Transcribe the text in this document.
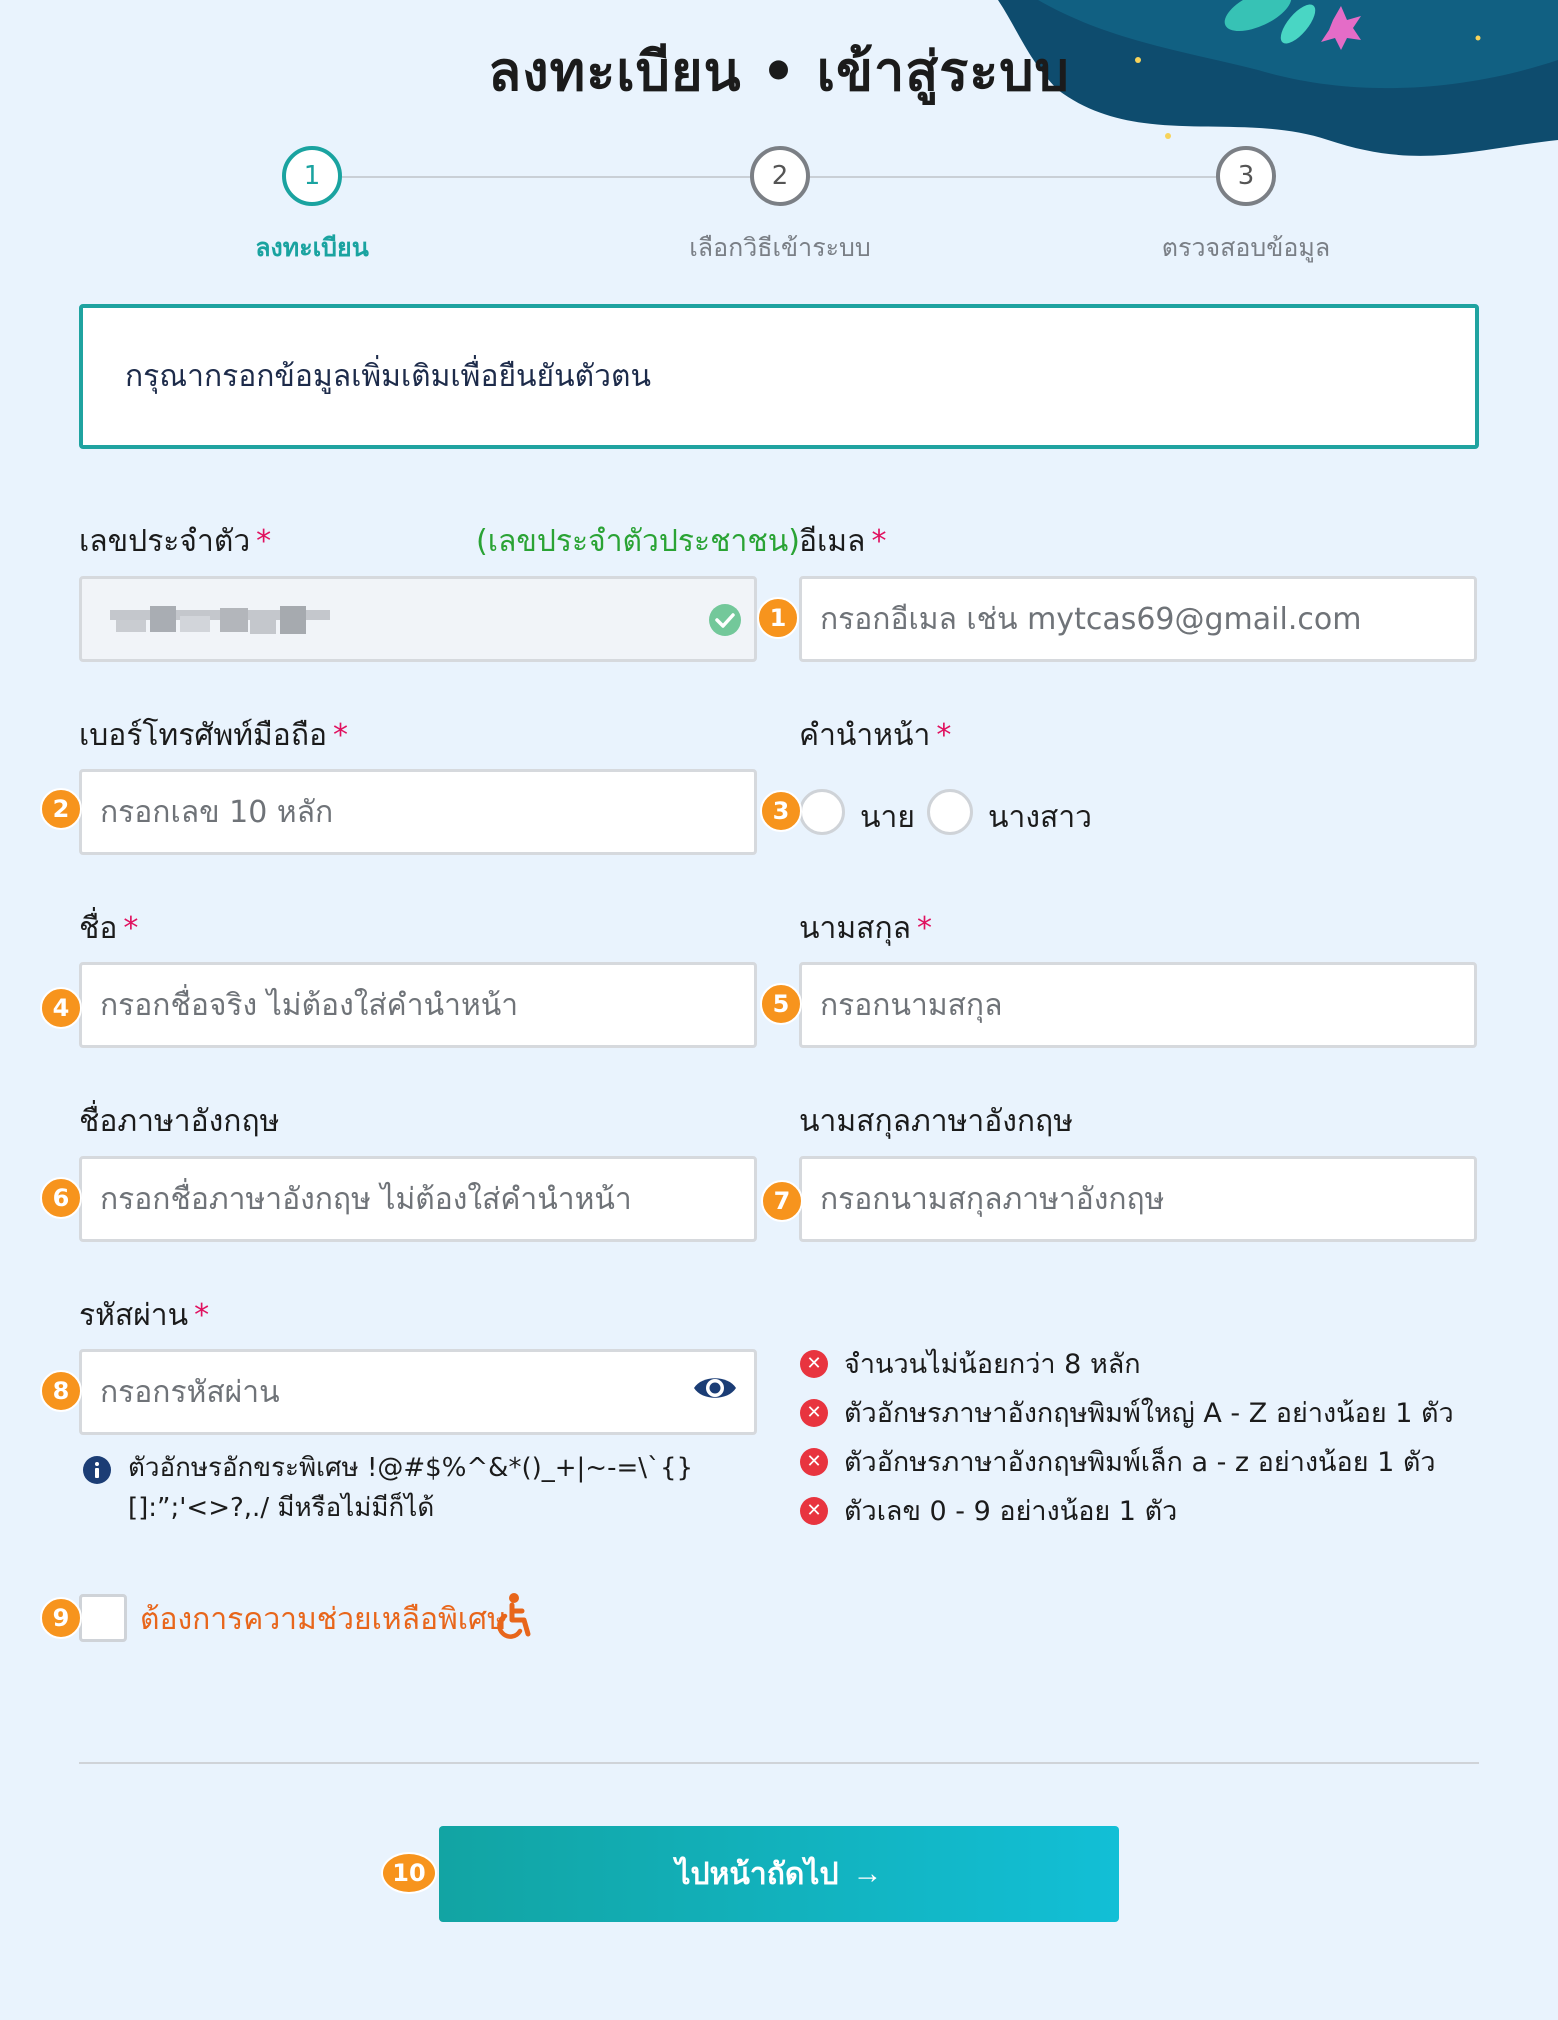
ลงทะเบียน • เข้าสู่ระบบ
1	2	3
ลงทะเบียน	เลือกวิธีเข้าระบบ	ตรวจสอบข้อมูล
กรุณากรอกข้อมูลเพิ่มเติมเพื่อยืนยันตัวตน
เลขประจำตัว *	(เลขประจำตัวประชาชน) อีเมล *
1	กรอกอีเมล เช่น mytcas69@gmail.com
เบอร์โทรศัพท์มือถือ *
2	กรอกเลข 10 หลัก
คำนำหน้า *
3	นาย นางสาว
ชื่อ *
4	กรอกชื่อจริง ไม่ต้องใส่คำนำหน้า
นามสกุล *
5	กรอกนามสกุล
ชื่อภาษาอังกฤษ
6	กรอกชื่อภาษาอังกฤษ ไม่ต้องใส่คำนำหน้า
นามสกุลภาษาอังกฤษ
7 กรอกนามสกุลภาษาอังกฤษ
รหัสผ่าน *
8	กรอกรหัสผ่าน
ตัวอักษรอักขระพิเศษ !@#$%^&*()_+|~-=\`{}
[]:”;'<>?,./ มีหรือไม่มีก็ได้
✕ จำนวนไม่น้อยกว่า 8 หลัก
✕ ตัวอักษรภาษาอังกฤษพิมพ์ใหญ่ A - Z อย่างน้อย 1 ตัว
✕ ตัวอักษรภาษาอังกฤษพิมพ์เล็ก a - z อย่างน้อย 1 ตัว
✕ ตัวเลข 0 - 9 อย่างน้อย 1 ตัว
9	ต้องการความช่วยเหลือพิเศษ
10	ไปหน้าถัดไป →
